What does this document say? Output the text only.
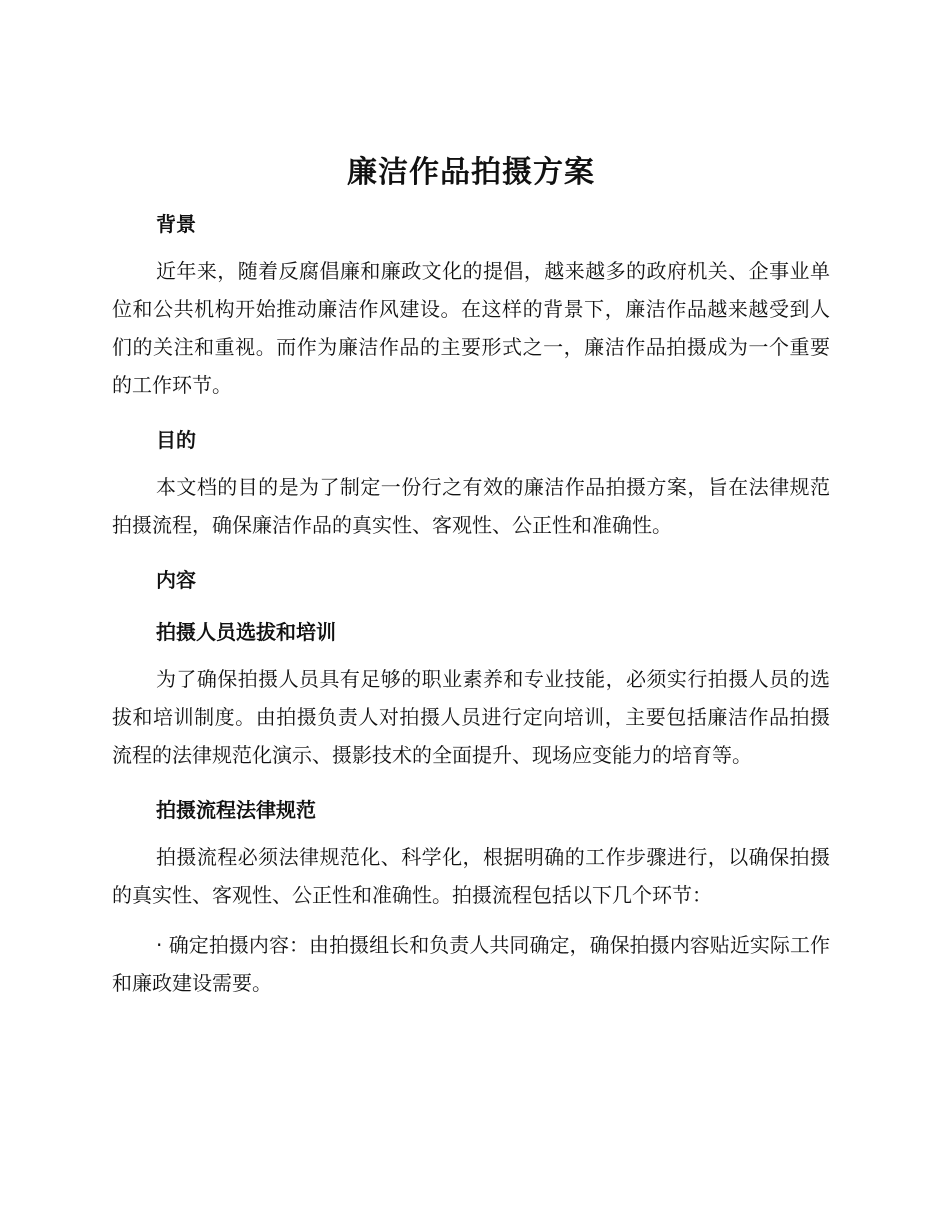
廉洁作品拍摄方案
背景

近年来，随着反腐倡廉和廉政文化的提倡，越来越多的政府机关、企事业单位和公共机构开始推动廉洁作风建设。在这样的背景下，廉洁作品越来越受到人们的关注和重视。而作为廉洁作品的主要形式之一，廉洁作品拍摄成为一个重要的工作环节。

目的

本文档的目的是为了制定一份行之有效的廉洁作品拍摄方案，旨在法律规范拍摄流程，确保廉洁作品的真实性、客观性、公正性和准确性。

内容
拍摄人员选拔和培训

为了确保拍摄人员具有足够的职业素养和专业技能，必须实行拍摄人员的选拔和培训制度。由拍摄负责人对拍摄人员进行定向培训，主要包括廉洁作品拍摄流程的法律规范化演示、摄影技术的全面提升、现场应变能力的培育等。

拍摄流程法律规范

拍摄流程必须法律规范化、科学化，根据明确的工作步骤进行，以确保拍摄的真实性、客观性、公正性和准确性。拍摄流程包括以下几个环节：

· 确定拍摄内容：由拍摄组长和负责人共同确定，确保拍摄内容贴近实际工作和廉政建设需要。
